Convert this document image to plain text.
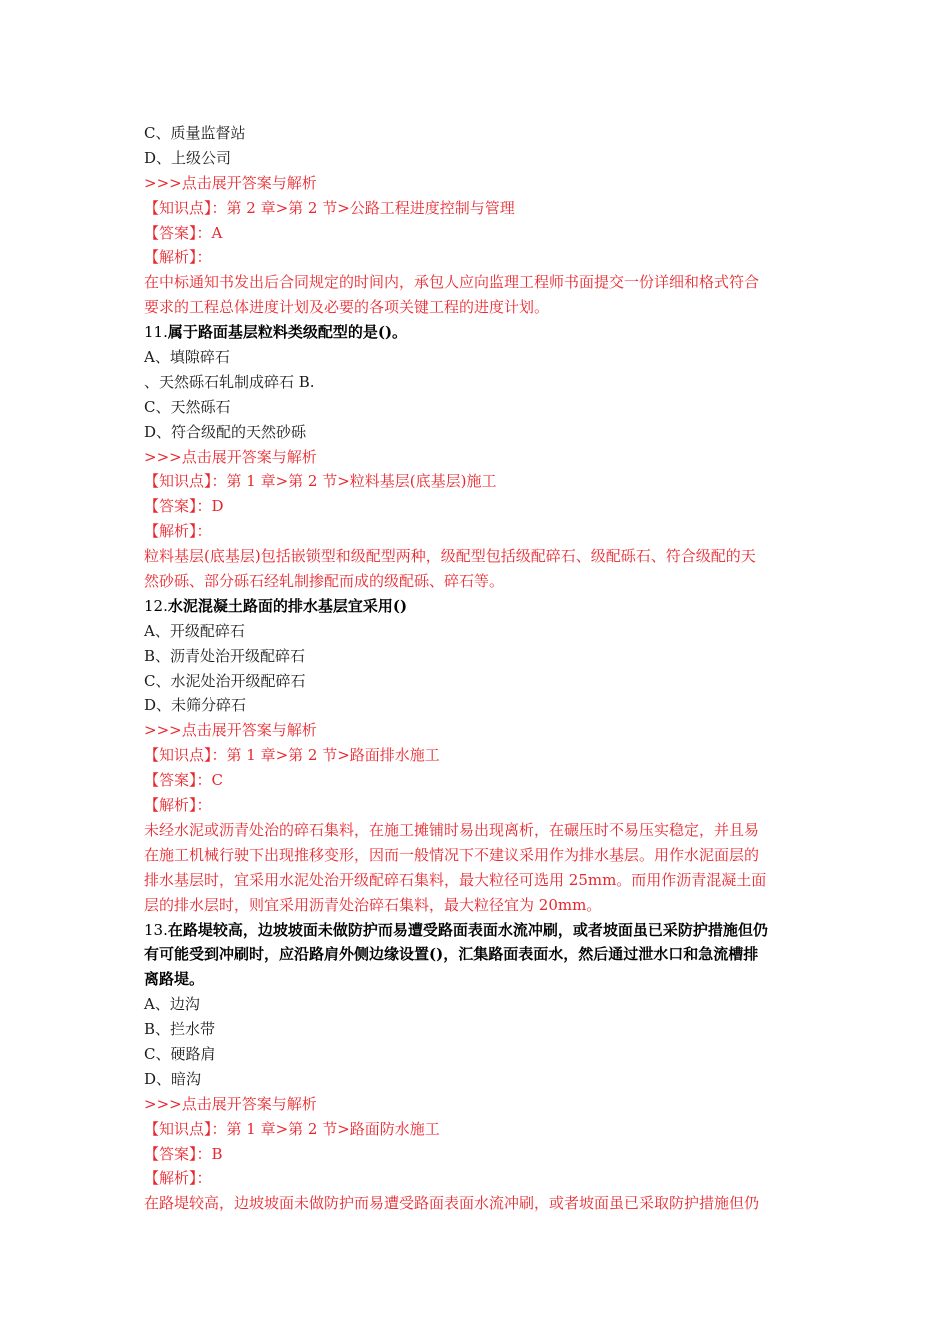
C、质量监督站
D、上级公司
>>>点击展开答案与解析
【知识点】：第 2 章>第 2 节>公路工程进度控制与管理
【答案】：A
【解析】：
在中标通知书发出后合同规定的时间内，承包人应向监理工程师书面提交一份详细和格式符合
要求的工程总体进度计划及必要的各项关键工程的进度计划。
11.属于路面基层粒料类级配型的是()。
A、填隙碎石
、天然砾石轧制成碎石 B.
C、天然砾石
D、符合级配的天然砂砾
>>>点击展开答案与解析
【知识点】：第 1 章>第 2 节>粒料基层(底基层)施工
【答案】：D
【解析】：
粒料基层(底基层)包括嵌锁型和级配型两种，级配型包括级配碎石、级配砾石、符合级配的天
然砂砾、部分砾石经轧制掺配而成的级配砾、碎石等。
12.水泥混凝土路面的排水基层宜采用()
A、开级配碎石
B、沥青处治开级配碎石
C、水泥处治开级配碎石
D、未筛分碎石
>>>点击展开答案与解析
【知识点】：第 1 章>第 2 节>路面排水施工
【答案】：C
【解析】：
未经水泥或沥青处治的碎石集料，在施工摊铺时易出现离析，在碾压时不易压实稳定，并且易
在施工机械行驶下出现推移变形，因而一般情况下不建议采用作为排水基层。用作水泥面层的
排水基层时，宜采用水泥处治开级配碎石集料，最大粒径可选用 25mm。而用作沥青混凝土面
层的排水层时，则宜采用沥青处治碎石集料，最大粒径宜为 20mm。
13.在路堤较高，边坡坡面未做防护而易遭受路面表面水流冲刷，或者坡面虽已采防护措施但仍
有可能受到冲刷时，应沿路肩外侧边缘设置()，汇集路面表面水，然后通过泄水口和急流槽排
离路堤。
A、边沟
B、拦水带
C、硬路肩
D、暗沟
>>>点击展开答案与解析
【知识点】：第 1 章>第 2 节>路面防水施工
【答案】：B
【解析】：
在路堤较高，边坡坡面未做防护而易遭受路面表面水流冲刷，或者坡面虽已采取防护措施但仍
